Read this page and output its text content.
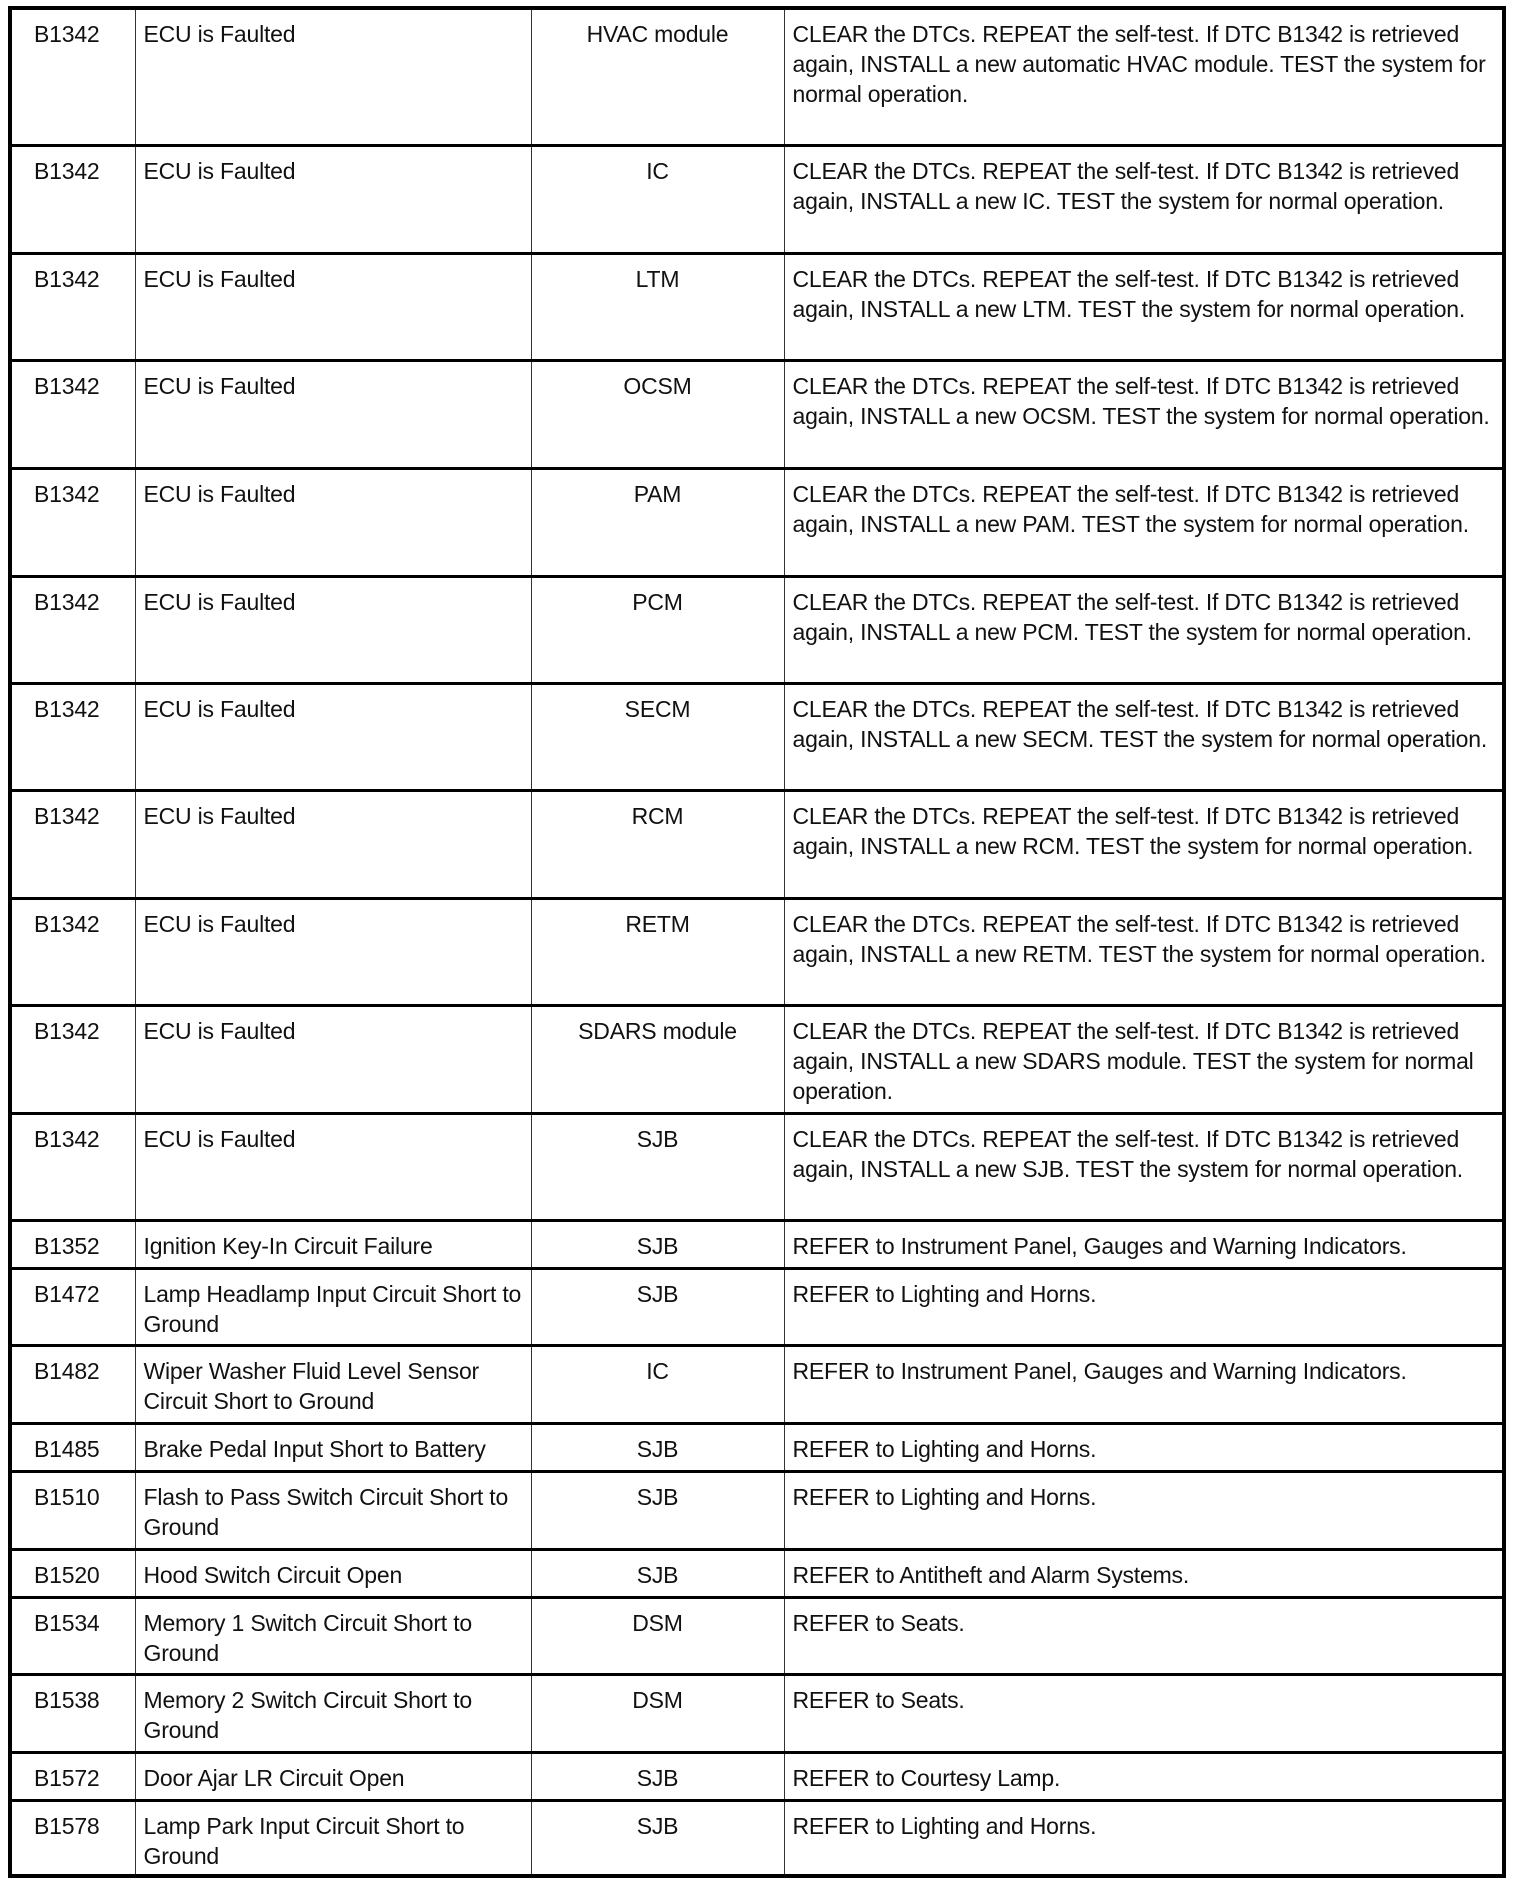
B1342	ECU is Faulted	HVAC module	CLEAR the DTCs. REPEAT the self-test. If DTC B1342 is retrieved again, INSTALL a new automatic HVAC module. TEST the system for normal operation.
B1342	ECU is Faulted	IC	CLEAR the DTCs. REPEAT the self-test. If DTC B1342 is retrieved again, INSTALL a new IC. TEST the system for normal operation.
B1342	ECU is Faulted	LTM	CLEAR the DTCs. REPEAT the self-test. If DTC B1342 is retrieved again, INSTALL a new LTM. TEST the system for normal operation.
B1342	ECU is Faulted	OCSM	CLEAR the DTCs. REPEAT the self-test. If DTC B1342 is retrieved again, INSTALL a new OCSM. TEST the system for normal operation.
B1342	ECU is Faulted	PAM	CLEAR the DTCs. REPEAT the self-test. If DTC B1342 is retrieved again, INSTALL a new PAM. TEST the system for normal operation.
B1342	ECU is Faulted	PCM	CLEAR the DTCs. REPEAT the self-test. If DTC B1342 is retrieved again, INSTALL a new PCM. TEST the system for normal operation.
B1342	ECU is Faulted	SECM	CLEAR the DTCs. REPEAT the self-test. If DTC B1342 is retrieved again, INSTALL a new SECM. TEST the system for normal operation.
B1342	ECU is Faulted	RCM	CLEAR the DTCs. REPEAT the self-test. If DTC B1342 is retrieved again, INSTALL a new RCM. TEST the system for normal operation.
B1342	ECU is Faulted	RETM	CLEAR the DTCs. REPEAT the self-test. If DTC B1342 is retrieved again, INSTALL a new RETM. TEST the system for normal operation.
B1342	ECU is Faulted	SDARS module	CLEAR the DTCs. REPEAT the self-test. If DTC B1342 is retrieved again, INSTALL a new SDARS module. TEST the system for normal operation.
B1342	ECU is Faulted	SJB	CLEAR the DTCs. REPEAT the self-test. If DTC B1342 is retrieved again, INSTALL a new SJB. TEST the system for normal operation.
B1352	Ignition Key-In Circuit Failure	SJB	REFER to Instrument Panel, Gauges and Warning Indicators.
B1472	Lamp Headlamp Input Circuit Short to Ground	SJB	REFER to Lighting and Horns.
B1482	Wiper Washer Fluid Level Sensor Circuit Short to Ground	IC	REFER to Instrument Panel, Gauges and Warning Indicators.
B1485	Brake Pedal Input Short to Battery	SJB	REFER to Lighting and Horns.
B1510	Flash to Pass Switch Circuit Short to Ground	SJB	REFER to Lighting and Horns.
B1520	Hood Switch Circuit Open	SJB	REFER to Antitheft and Alarm Systems.
B1534	Memory 1 Switch Circuit Short to Ground	DSM	REFER to Seats.
B1538	Memory 2 Switch Circuit Short to Ground	DSM	REFER to Seats.
B1572	Door Ajar LR Circuit Open	SJB	REFER to Courtesy Lamp.
B1578	Lamp Park Input Circuit Short to Ground	SJB	REFER to Lighting and Horns.
